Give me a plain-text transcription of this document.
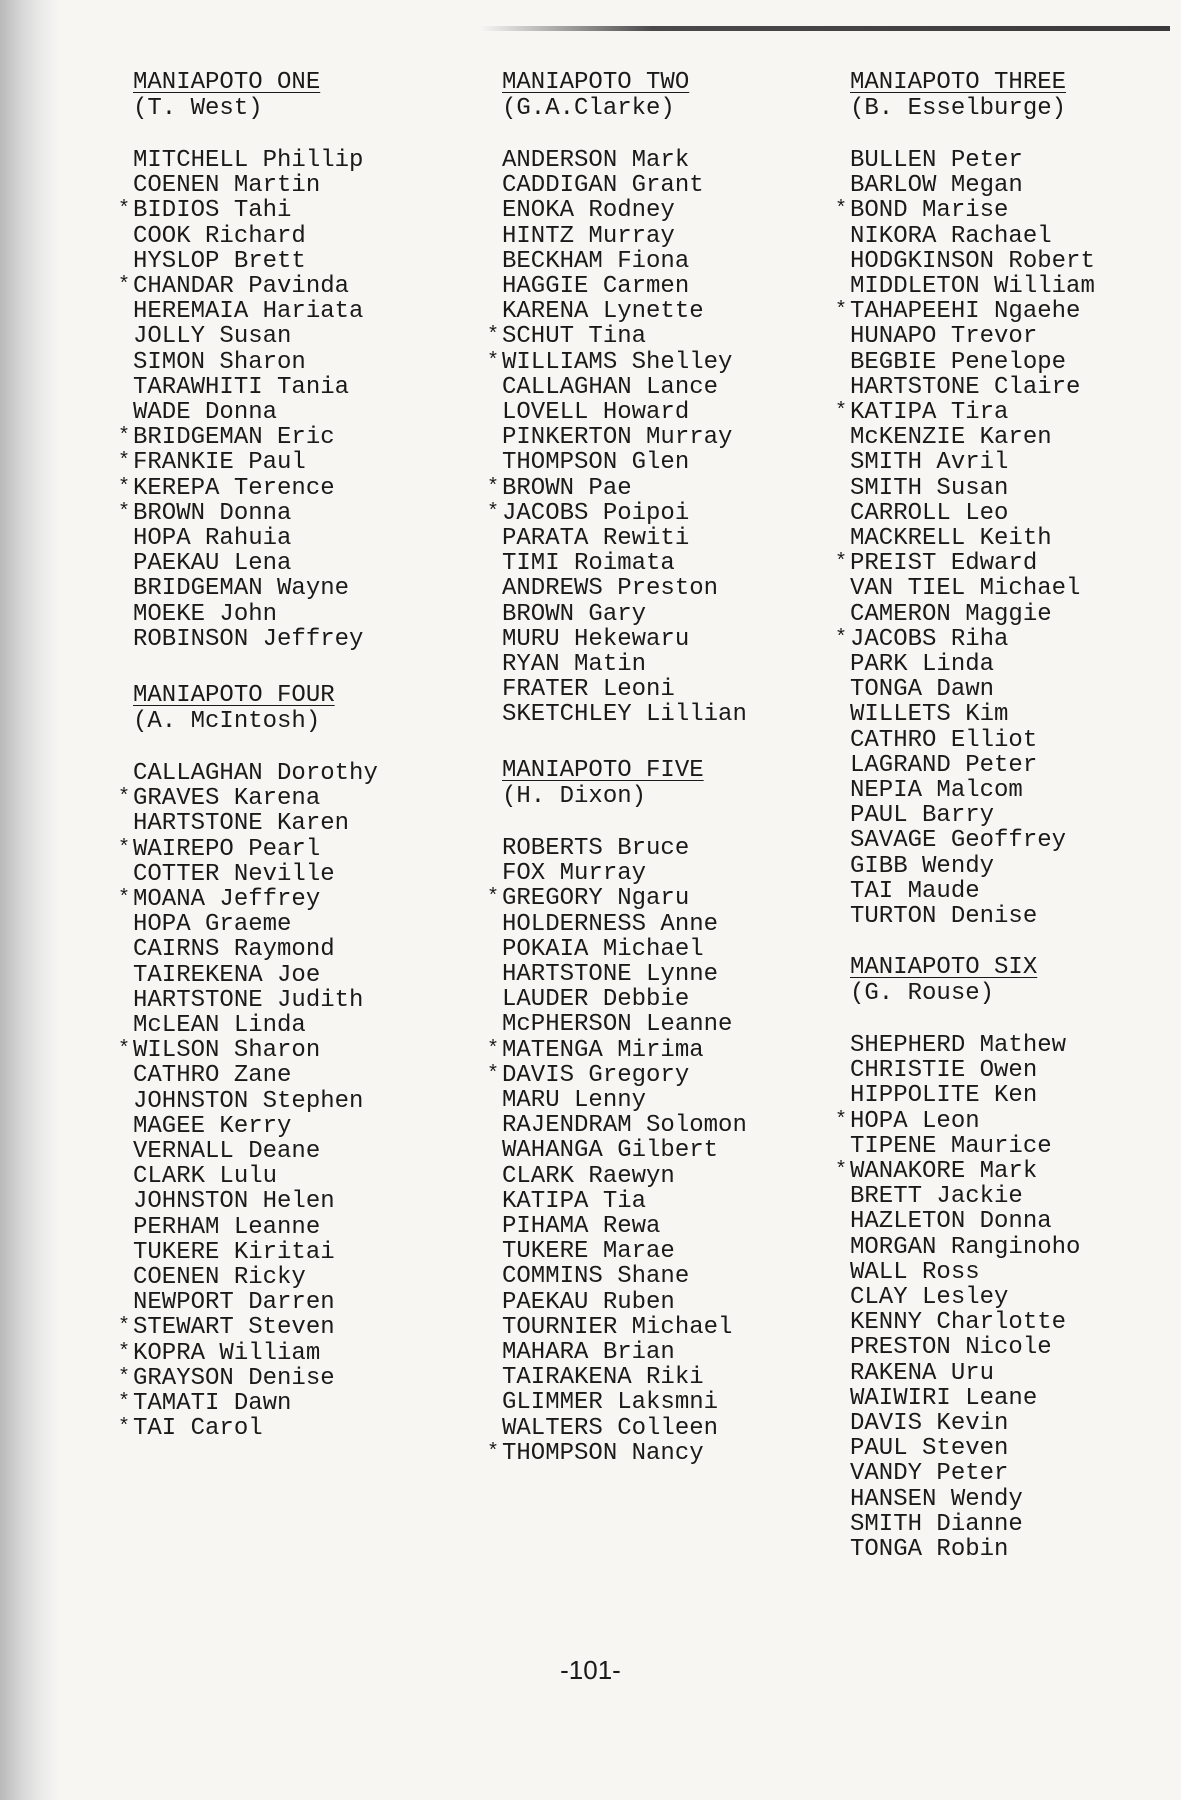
MANIAPOTO ONE
(T. West)
MITCHELL Phillip
COENEN Martin
* BIDIOS Tahi
COOK Richard
HYSLOP Brett
* CHANDAR Pavinda
HEREMAIA Hariata
JOLLY Susan
SIMON Sharon
TARAWHITI Tania
WADE Donna
* BRIDGEMAN Eric
* FRANKIE Paul
* KEREPA Terence
* BROWN Donna
HOPA Rahuia
PAEKAU Lena
BRIDGEMAN Wayne
MOEKE John
ROBINSON Jeffrey
MANIAPOTO FOUR
(A. McIntosh)
CALLAGHAN Dorothy
* GRAVES Karena
HARTSTONE Karen
* WAIREPO Pearl
COTTER Neville
* MOANA Jeffrey
HOPA Graeme
CAIRNS Raymond
TAIREKENA Joe
HARTSTONE Judith
McLEAN Linda
* WILSON Sharon
CATHRO Zane
JOHNSTON Stephen
MAGEE Kerry
VERNALL Deane
CLARK Lulu
JOHNSTON Helen
PERHAM Leanne
TUKERE Kiritai
COENEN Ricky
NEWPORT Darren
* STEWART Steven
* KOPRA William
* GRAYSON Denise
* TAMATI Dawn
* TAI Carol
MANIAPOTO TWO
(G.A.Clarke)
ANDERSON Mark
CADDIGAN Grant
ENOKA Rodney
HINTZ Murray
BECKHAM Fiona
HAGGIE Carmen
KARENA Lynette
* SCHUT Tina
* WILLIAMS Shelley
CALLAGHAN Lance
LOVELL Howard
PINKERTON Murray
THOMPSON Glen
* BROWN Pae
* JACOBS Poipoi
PARATA Rewiti
TIMI Roimata
ANDREWS Preston
BROWN Gary
MURU Hekewaru
RYAN Matin
FRATER Leoni
SKETCHLEY Lillian
MANIAPOTO FIVE
(H. Dixon)
ROBERTS Bruce
FOX Murray
* GREGORY Ngaru
HOLDERNESS Anne
POKAIA Michael
HARTSTONE Lynne
LAUDER Debbie
McPHERSON Leanne
* MATENGA Mirima
* DAVIS Gregory
MARU Lenny
RAJENDRAM Solomon
WAHANGA Gilbert
CLARK Raewyn
KATIPA Tia
PIHAMA Rewa
TUKERE Marae
COMMINS Shane
PAEKAU Ruben
TOURNIER Michael
MAHARA Brian
TAIRAKENA Riki
GLIMMER Laksmni
WALTERS Colleen
* THOMPSON Nancy
MANIAPOTO THREE
(B. Esselburge)
BULLEN Peter
BARLOW Megan
* BOND Marise
NIKORA Rachael
HODGKINSON Robert
MIDDLETON William
* TAHAPEEHI Ngaehe
HUNAPO Trevor
BEGBIE Penelope
HARTSTONE Claire
* KATIPA Tira
McKENZIE Karen
SMITH Avril
SMITH Susan
CARROLL Leo
MACKRELL Keith
* PREIST Edward
VAN TIEL Michael
CAMERON Maggie
* JACOBS Riha
PARK Linda
TONGA Dawn
WILLETS Kim
CATHRO Elliot
LAGRAND Peter
NEPIA Malcom
PAUL Barry
SAVAGE Geoffrey
GIBB Wendy
TAI Maude
TURTON Denise
MANIAPOTO SIX
(G. Rouse)
SHEPHERD Mathew
CHRISTIE Owen
HIPPOLITE Ken
* HOPA Leon
TIPENE Maurice
* WANAKORE Mark
BRETT Jackie
HAZLETON Donna
MORGAN Ranginoho
WALL Ross
CLAY Lesley
KENNY Charlotte
PRESTON Nicole
RAKENA Uru
WAIWIRI Leane
DAVIS Kevin
PAUL Steven
VANDY Peter
HANSEN Wendy
SMITH Dianne
TONGA Robin
-101-
